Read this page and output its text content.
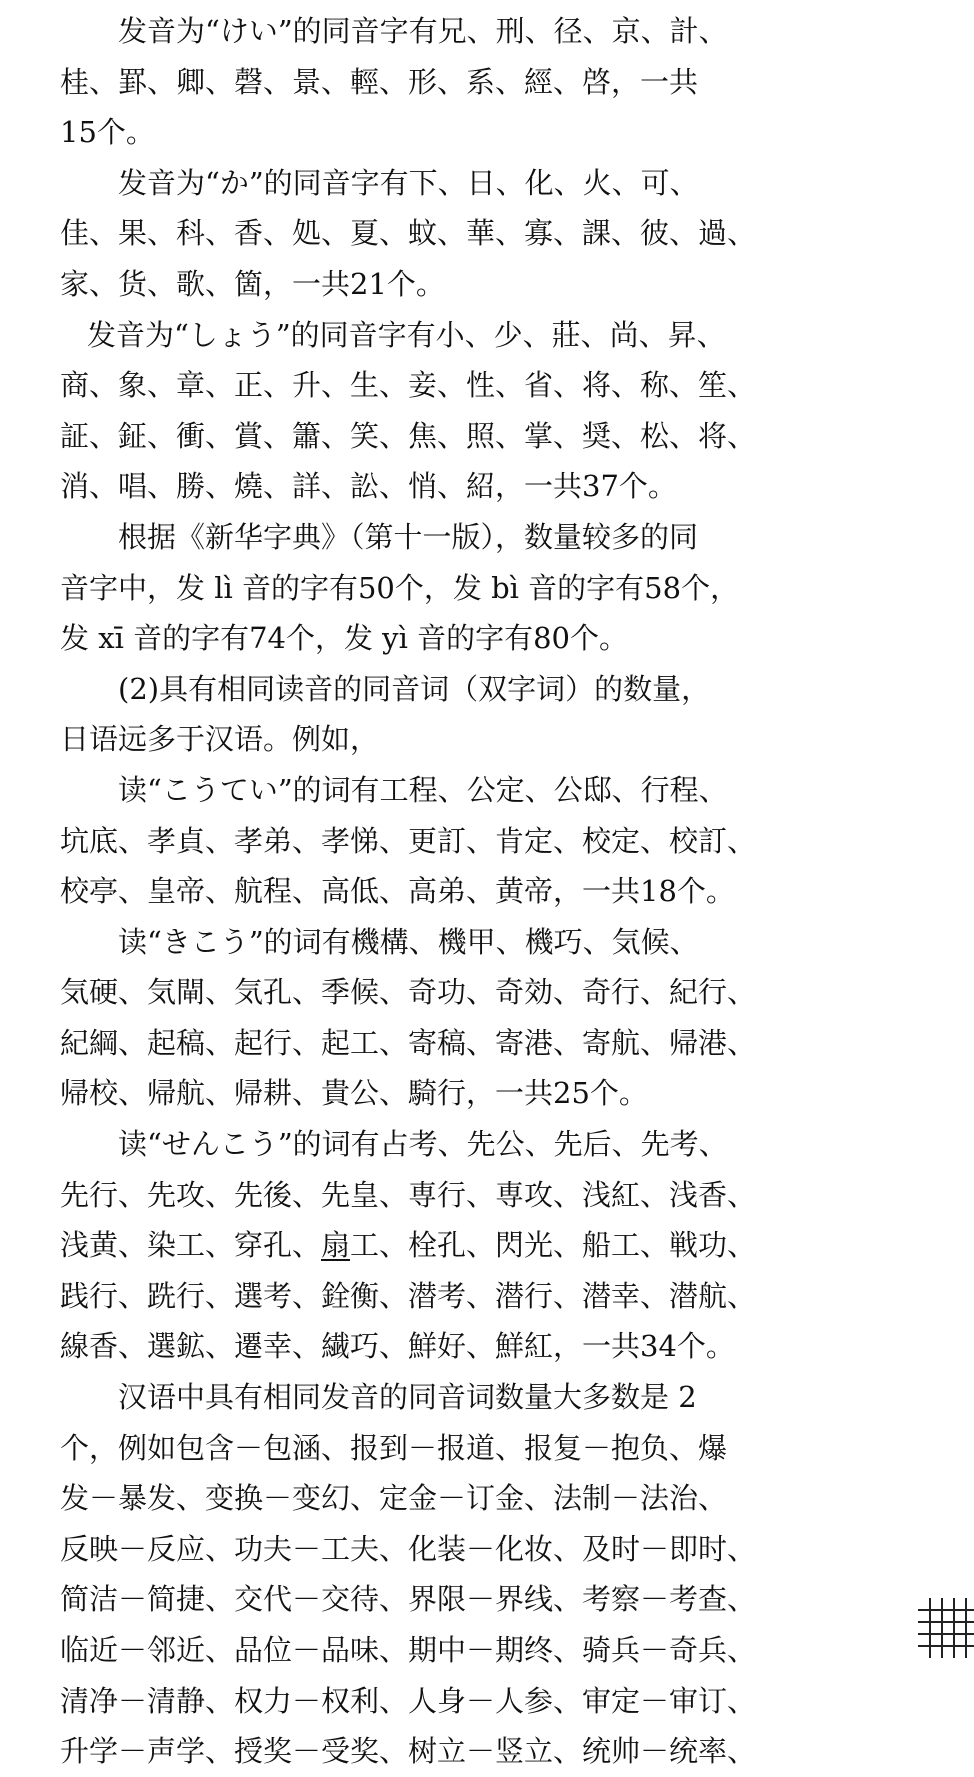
发音为“けい”的同音字有兄、刑、径、京、計、
桂、罫、卿、磬、景、輕、形、系、經、啓，一共
15个。
发音为“か”的同音字有下、日、化、火、可、
佳、果、科、香、処、夏、蚊、華、寡、課、彼、過、
家、货、歌、箇，一共21个。
发音为“しょう”的同音字有小、少、莊、尚、昇、
商、象、章、正、升、生、妾、性、省、将、称、笙、
証、鉦、衝、賞、簫、笑、焦、照、掌、奨、松、将、
消、唱、勝、燒、詳、訟、悄、紹，一共37个。
根据《新华字典》（第十一版），数量较多的同
音字中，发 lì 音的字有50个，发 bì 音的字有58个，
发 xī 音的字有74个，发 yì 音的字有80个。
(2)具有相同读音的同音词（双字词）的数量，
日语远多于汉语。例如，
读“こうてい”的词有工程、公定、公邸、行程、
坑底、孝貞、孝弟、孝悌、更訂、肯定、校定、校訂、
校亭、皇帝、航程、高低、高弟、黄帝，一共18个。
读“きこう”的词有機構、機甲、機巧、気候、
気硬、気閘、気孔、季候、奇功、奇効、奇行、紀行、
紀綱、起稿、起行、起工、寄稿、寄港、寄航、帰港、
帰校、帰航、帰耕、貴公、騎行，一共25个。
读“せんこう”的词有占考、先公、先后、先考、
先行、先攻、先後、先皇、専行、専攻、浅紅、浅香、
浅黄、染工、穿孔、扇工、栓孔、閃光、船工、戦功、
践行、跣行、選考、銓衡、潜考、潜行、潜幸、潜航、
線香、選鉱、遷幸、繊巧、鮮好、鮮紅，一共34个。
汉语中具有相同发音的同音词数量大多数是 2
个，例如包含－包涵、报到－报道、报复－抱负、爆
发－暴发、变换－变幻、定金－订金、法制－法治、
反映－反应、功夫－工夫、化装－化妆、及时－即时、
简洁－简捷、交代－交待、界限－界线、考察－考查、
临近－邻近、品位－品味、期中－期终、骑兵－奇兵、
清净－清静、权力－权利、人身－人参、审定－审订、
升学－声学、授奖－受奖、树立－竖立、统帅－统率、
